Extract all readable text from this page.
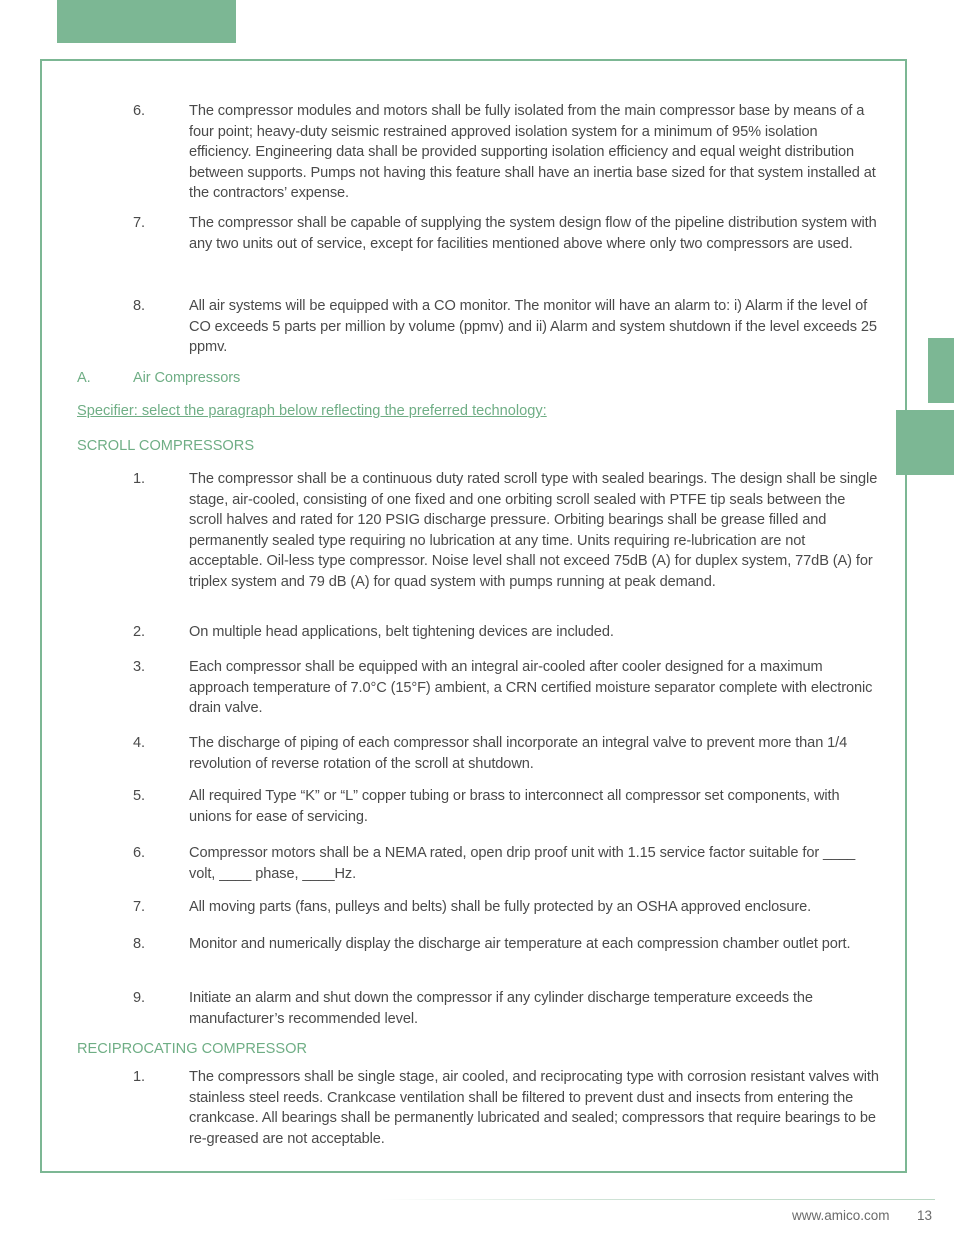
6.	The compressor modules and motors shall be fully isolated from the main compressor base by means of a four point; heavy-duty seismic restrained approved isolation system for a minimum of 95% isolation efficiency. Engineering data shall be provided supporting isolation efficiency and equal weight distribution between supports. Pumps not having this feature shall have an inertia base sized for that system installed at the contractors’ expense.
7.	The compressor shall be capable of supplying the system design flow of the pipeline distribution system with any two units out of service, except for facilities mentioned above where only two compressors are used.
8.	All air systems will be equipped with a CO monitor. The monitor will have an alarm to: i) Alarm if the level of CO exceeds 5 parts per million by volume (ppmv) and ii) Alarm and system shutdown if the level exceeds 25 ppmv.
A.	Air Compressors
Specifier: select the paragraph below reflecting the preferred technology:
SCROLL COMPRESSORS
1.	The compressor shall be a continuous duty rated scroll type with sealed bearings. The design shall be single stage, air-cooled, consisting of one fixed and one orbiting scroll sealed with PTFE tip seals between the scroll halves and rated for 120 PSIG discharge pressure. Orbiting bearings shall be grease filled and permanently sealed type requiring no lubrication at any time. Units requiring re-lubrication are not acceptable. Oil-less type compressor. Noise level shall not exceed 75dB (A) for duplex system, 77dB (A) for triplex system and 79 dB (A) for quad system with pumps running at peak demand.
2.	On multiple head applications, belt tightening devices are included.
3.	Each compressor shall be equipped with an integral air-cooled after cooler designed for a maximum approach temperature of 7.0°C (15°F) ambient, a CRN certified moisture separator complete with electronic drain valve.
4.	The discharge of piping of each compressor shall incorporate an integral valve to prevent more than 1/4 revolution of reverse rotation of the scroll at shutdown.
5.	All required Type “K” or “L” copper tubing or brass to interconnect all compressor set components, with unions for ease of servicing.
6.	Compressor motors shall be a NEMA rated, open drip proof unit with 1.15 service factor suitable for ____ volt, ____ phase, ____Hz.
7.	All moving parts (fans, pulleys and belts) shall be fully protected by an OSHA approved enclosure.
8.	Monitor and numerically display the discharge air temperature at each compression chamber outlet port.
9.	Initiate an alarm and shut down the compressor if any cylinder discharge temperature exceeds the manufacturer’s recommended level.
RECIPROCATING COMPRESSOR
1.	The compressors shall be single stage, air cooled, and reciprocating type with corrosion resistant valves with stainless steel reeds. Crankcase ventilation shall be filtered to prevent dust and insects from entering the crankcase. All bearings shall be permanently lubricated and sealed; compressors that require bearings to be re-greased are not acceptable.
www.amico.com 13
